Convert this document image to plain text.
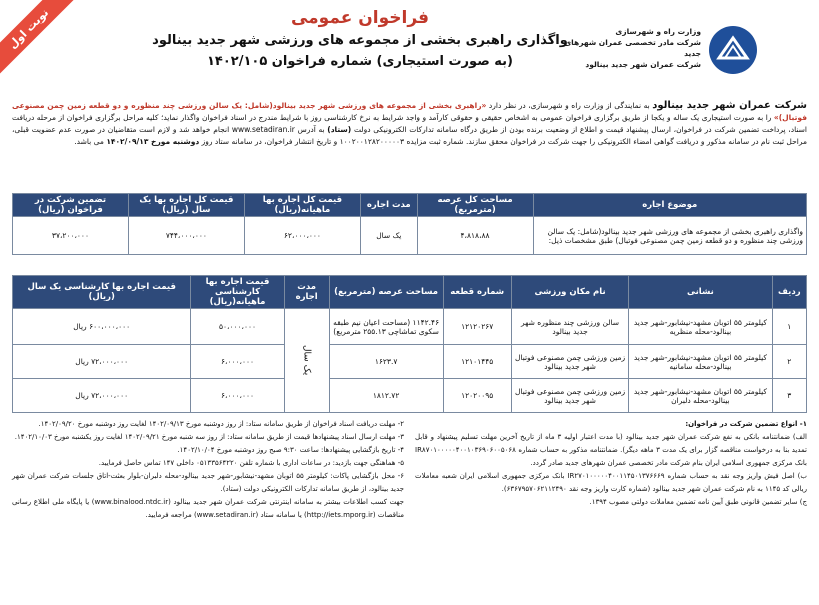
وزارت راه و شهرسازی
شرکت مادر تخصصی عمران شهرهای جدید
شرکت عمران شهر جدید بینالود
فراخوان عمومی
واگذاری راهبری بخشی از مجموعه های ورزشی شهر جدید بینالود
(به صورت استیجاری) شماره فراخوان ۱۴۰۲/۱۰۵
نوبت اول
شرکت عمران شهر جدید بینالود به نمایندگی از وزارت راه و شهرسازی، در نظر دارد «راهبری بخشی از مجموعه های ورزشی شهر جدید بینالود(شامل: یک سالن ورزشی چند منظوره و دو قطعه زمین چمن مصنوعی فوتبال)» را به صورت استیجاری یک ساله و یکجا از طریق برگزاری فراخوان عمومی به اشخاص حقیقی و حقوقی کارآمد و واجد شرایط به نرخ کارشناسی روز با شرایط مندرج در اسناد فراخوان واگذار نماید؛ کلیه مراحل برگزاری فراخوان از مرحله دریافت اسناد، پرداخت تضمین شرکت در فراخوان، ارسال پیشنهاد قیمت و اطلاع از وضعیت برنده بودن از طریق درگاه سامانه تدارکات الکترونیکی دولت (ستاد) به آدرس www.setadiran.ir انجام خواهد شد و لازم است متقاضیان در صورت عدم عضویت قبلی، مراحل ثبت نام در سامانه مذکور و دریافت گواهی امضاء الکترونیکی را جهت شرکت در فراخوان محقق سازند. شماره ثبت مزایده ۱۰۰۲۰۰۱۲۸۲۰۰۰۰۰۳ و تاریخ انتشار فراخوان، در سامانه ستاد روز دوشنبه مورخ ۱۴۰۲/۰۹/۱۳ می باشد.
موضوع اجاره	مساحت کل عرصه (مترمربع)	مدت اجاره	قیمت کل اجاره بها ماهیانه(ریال)	قیمت کل اجاره بها یک سال (ریال)	تضمین شرکت در فراخوان (ریال)
واگذاری راهبری بخشی از مجموعه های ورزشی شهر جدید بینالود(شامل: یک سالن ورزشی چند منظوره و دو قطعه زمین چمن مصنوعی فوتبال) طبق مشخصات ذیل:	۴،۸۱۸،۸۸	یک سال	۶۲،۰۰۰،۰۰۰	۷۴۴،۰۰۰،۰۰۰	۳۷،۲۰۰،۰۰۰
ردیف	نشانی	نام مکان ورزشی	شماره قطعه	مساحت عرصه (مترمربع)	مدت اجاره	قیمت اجاره بها کارشناسی ماهیانه(ریال)	قیمت اجاره بها کارشناسی یک سال (ریال)
۱	کیلومتر ۵۵ اتوبان مشهد-نیشابور-شهر جدید بینالود-محله منظریه	سالن ورزشی چند منظوره شهر جدید بینالود	۱۲۱۲۰۲۶۷	۱۱۴۲.۴۶ (مساحت اعیان نیم طبقه سکوی تماشاچی ۲۵۵.۱۳ مترمربع)	یک سال	۵۰،۰۰۰،۰۰۰	۶۰۰،۰۰۰،۰۰۰ ریال
۲	کیلومتر ۵۵ اتوبان مشهد-نیشابور-شهر جدید بینالود-محله سامانیه	زمین ورزشی چمن مصنوعی فوتبال شهر جدید بینالود	۱۲۱۰۱۴۴۵	۱۶۲۳.۷		۶،۰۰۰،۰۰۰	۷۲،۰۰۰،۰۰۰ ریال
۳	کیلومتر ۵۵ اتوبان مشهد-نیشابور-شهر جدید بینالود-محله دلبران	زمین ورزشی چمن مصنوعی فوتبال شهر جدید بینالود	۱۲۰۲۰۰۹۵	۱۸۱۲.۷۲		۶،۰۰۰،۰۰۰	۷۲،۰۰۰،۰۰۰ ریال
۱- انواع تضمین شرکت در فراخوان:
الف) ضمانتنامه بانکی به نفع شرکت عمران شهر جدید بینالود (با مدت اعتبار اولیه ۳ ماه از تاریخ آخرین مهلت تسلیم پیشنهاد و قابل تمدید بنا به درخواست مناقصه گزار برای یک مدت ۳ ماهه دیگر). ضمانتنامه مذکور به حساب شماره IR۸۷۰۱۰۰۰۰۰۴۰۰۱۰۳۶۹۰۶۰۰۵۰۶۸ بانک مرکزی جمهوری اسلامی ایران بنام شرکت مادر تخصصی عمران شهرهای جدید صادر گردد.
ب) اصل فیش واریز وجه نقد به حساب شماره IR۲۷۰۱۰۰۰۰۰۴۰۰۱۱۴۵۰۱۳۷۶۶۶۹ بانک مرکزی جمهوری اسلامی ایران شعبه معاملات ریالی کد ۱۱۴۵ به نام شرکت عمران شهر جدید بینالود (شماره کارت واریز وجه نقد ۶۳۶۷۹۵۷۰۶۲۱۱۲۴۹۰).
ج) سایر تضمین قانونی طبق آیین نامه تضمین معاملات دولتی مصوب ۱۳۹۴.
۲- مهلت دریافت اسناد فراخوان از طریق سامانه ستاد: از روز دوشنبه مورخ ۱۴۰۲/۰۹/۱۳ لغایت روز دوشنبه مورخ ۱۴۰۲/۰۹/۲۰.
۳- مهلت ارسال اسناد پیشنهادها قیمت از طریق سامانه ستاد: از روز سه شنبه مورخ ۱۴۰۲/۰۹/۲۱ لغایت روز یکشنبه مورخ ۱۴۰۲/۱۰/۰۳.
۴- تاریخ بازگشایی پیشنهادها: ساعت ۹:۳۰ صبح روز دوشنبه مورخ ۱۴۰۲/۱۰/۰۴.
۵- هماهنگی جهت بازدید: در ساعات اداری با شماره تلفن ۰۵۱۳۳۵۶۴۲۲۰ داخلی ۱۴۷ تماس حاصل فرمایید.
۶- محل بازگشایی پاکات: کیلومتر ۵۵ اتوبان مشهد-نیشابور-شهر جدید بینالود-محله دلبران-بلوار بعثت-اتاق جلسات شرکت عمران شهر جدید بینالود، از طریق سامانه تدارکات الکترونیکی دولت (ستاد).
جهت کسب اطلاعات بیشتر به سامانه اینترنتی شرکت عمران شهر جدید بینالود (www.binalood.ntdc.ir) یا پایگاه ملی اطلاع رسانی مناقصات (http://iets.mporg.ir) یا سامانه ستاد (www.setadiran.ir) مراجعه فرمایید.
